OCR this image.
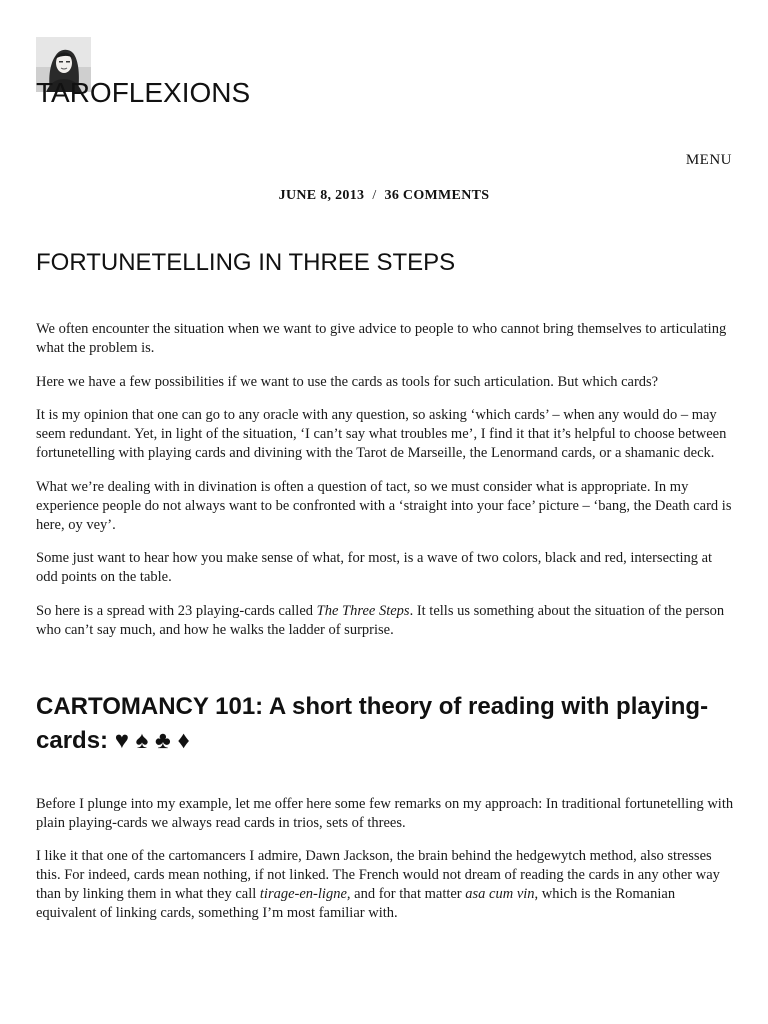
TAROFLEXIONS
MENU
JUNE 8, 2013 / 36 COMMENTS
FORTUNETELLING IN THREE STEPS

We often encounter the situation when we want to give advice to people to who cannot bring themselves to articulating what the problem is.

Here we have a few possibilities if we want to use the cards as tools for such articulation. But which cards?

It is my opinion that one can go to any oracle with any question, so asking ‘which cards’ – when any would do – may seem redundant. Yet, in light of the situation, ‘I can’t say what troubles me’, I find it that it’s helpful to choose between fortunetelling with playing cards and divining with the Tarot de Marseille, the Lenormand cards, or a shamanic deck.

What we’re dealing with in divination is often a question of tact, so we must consider what is appropriate. In my experience people do not always want to be confronted with a ‘straight into your face’ picture – ‘bang, the Death card is here, oy vey’.

Some just want to hear how you make sense of what, for most, is a wave of two colors, black and red, intersecting at odd points on the table.

So here is a spread with 23 playing-cards called The Three Steps. It tells us something about the situation of the person who can’t say much, and how he walks the ladder of surprise.

CARTOMANCY 101: A short theory of reading with playing-cards: ♥ ♠ ♣ ♦

Before I plunge into my example, let me offer here some few remarks on my approach: In traditional fortunetelling with plain playing-cards we always read cards in trios, sets of threes.

I like it that one of the cartomancers I admire, Dawn Jackson, the brain behind the hedgewytch method, also stresses this. For indeed, cards mean nothing, if not linked. The French would not dream of reading the cards in any other way than by linking them in what they call tirage-en-ligne, and for that matter asa cum vin, which is the Romanian equivalent of linking cards, something I’m most familiar with.
